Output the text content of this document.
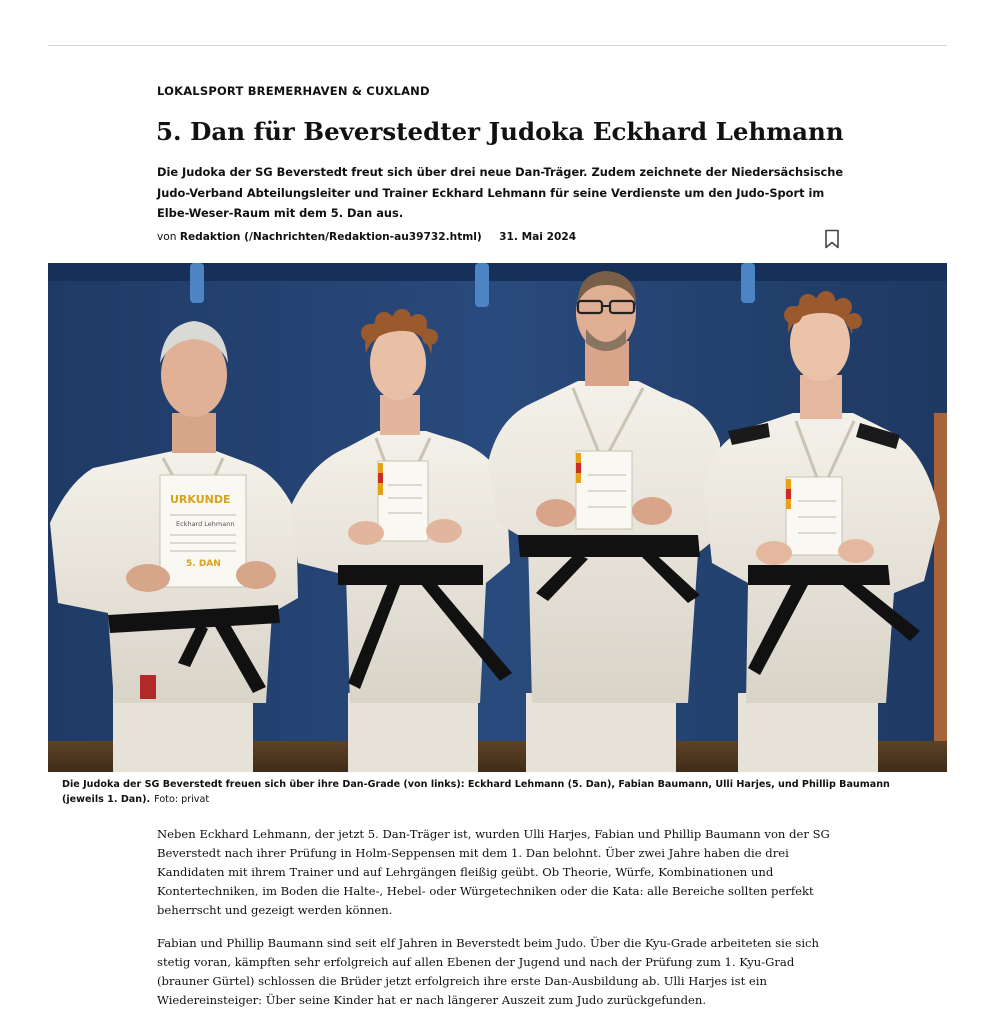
LOKALSPORT BREMERHAVEN & CUXLAND
5. Dan für Beverstedter Judoka Eckhard Lehmann

Die Judoka der SG Beverstedt freut sich über drei neue Dan-Träger. Zudem zeichnete der Niedersächsische Judo-Verband Abteilungsleiter und Trainer Eckhard Lehmann für seine Verdienste um den Judo-Sport im Elbe-Weser-Raum mit dem 5. Dan aus.

von Redaktion (/Nachrichten/Redaktion-au39732.html) 31. Mai 2024
URKUNDE
Eckhard Lehmann
5. DAN

Die Judoka der SG Beverstedt freuen sich über ihre Dan-Grade (von links): Eckhard Lehmann (5. Dan), Fabian Baumann, Ulli Harjes, und Phillip Baumann (jeweils 1. Dan). Foto: privat

Neben Eckhard Lehmann, der jetzt 5. Dan-Träger ist, wurden Ulli Harjes, Fabian und Phillip Baumann von der SG Beverstedt nach ihrer Prüfung in Holm-Seppensen mit dem 1. Dan belohnt. Über zwei Jahre haben die drei Kandidaten mit ihrem Trainer und auf Lehrgängen fleißig geübt. Ob Theorie, Würfe, Kombinationen und Kontertechniken, im Boden die Halte-, Hebel- oder Würgetechniken oder die Kata: alle Bereiche sollten perfekt beherrscht und gezeigt werden können.

Fabian und Phillip Baumann sind seit elf Jahren in Beverstedt beim Judo. Über die Kyu-Grade arbeiteten sie sich stetig voran, kämpften sehr erfolgreich auf allen Ebenen der Jugend und nach der Prüfung zum 1. Kyu-Grad (brauner Gürtel) schlossen die Brüder jetzt erfolgreich ihre erste Dan-Ausbildung ab. Ulli Harjes ist ein Wiedereinsteiger: Über seine Kinder hat er nach längerer Auszeit zum Judo zurückgefunden.
